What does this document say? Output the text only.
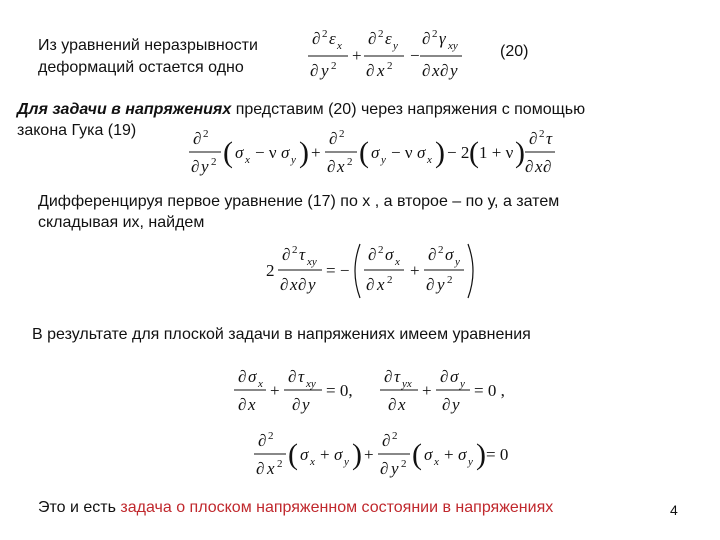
Из уравнений неразрывности
деформаций остается одно
∂ 2 ε x
∂ y 2
+
∂ 2 ε y
∂ x 2
−
∂ 2 γ xy
∂ x ∂ y
(20)
Для задачи в напряжениях представим (20) через напряжения с помощью
закона Гука (19)	∂ 2
∂ y 2 ( σ x − ν σ y ) +
∂ 2
∂ x 2 ( σ y − ν σ x ) − 2 ( 1 + ν ) ∂ 2 τ
∂ x ∂
Дифференцируя первое уравнение (17) по х , а второе – по у, а затем
складывая их, найдем
2
∂ 2 τ xy
∂ x ∂ y
= −
∂ 2 σ x
∂ x 2 +
∂ 2 σ y
∂ y 2
В результате для плоской задачи в напряжениях имеем уравнения
∂ σ x
∂ x
+
∂ τ xy
∂ y
= 0,
∂ τ yx
∂ x
+
∂ σ y
∂ y
= 0 ,
∂ 2
∂ x 2 ( σ x + σ y ) +
∂ 2
∂ y 2 ( σ x + σ y ) = 0
Это и есть задача о плоском напряженном состоянии в напряжениях	4
